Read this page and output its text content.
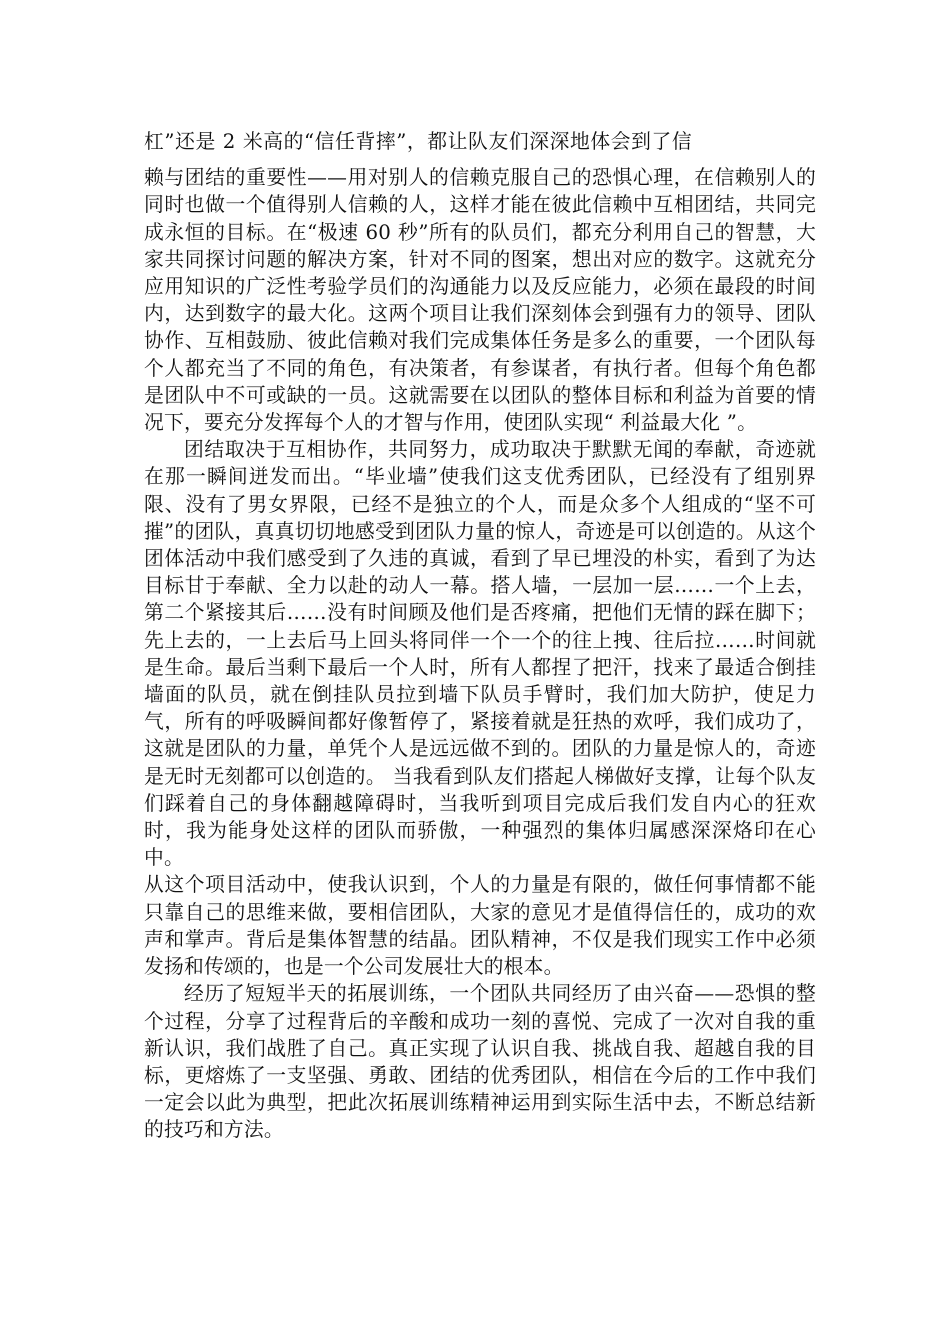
杠”还是 2 米高的“信任背摔”，都让队友们深深地体会到了信

赖与团结的重要性——用对别人的信赖克服自己的恐惧心理，在信赖别人的同时也做一个值得别人信赖的人，这样才能在彼此信赖中互相团结，共同完成永恒的目标。在“极速 60 秒”所有的队员们，都充分利用自己的智慧，大家共同探讨问题的解决方案，针对不同的图案，想出对应的数字。这就充分应用知识的广泛性考验学员们的沟通能力以及反应能力，必须在最段的时间内，达到数字的最大化。这两个项目让我们深刻体会到强有力的领导、团队协作、互相鼓励、彼此信赖对我们完成集体任务是多么的重要，一个团队每个人都充当了不同的角色，有决策者，有参谋者，有执行者。但每个角色都是团队中不可或缺的一员。这就需要在以团队的整体目标和利益为首要的情况下，要充分发挥每个人的才智与作用，使团队实现“ 利益最大化 ”。

团结取决于互相协作，共同努力，成功取决于默默无闻的奉献，奇迹就在那一瞬间迸发而出。“毕业墙”使我们这支优秀团队，已经没有了组别界限、没有了男女界限，已经不是独立的个人，而是众多个人组成的“坚不可摧”的团队，真真切切地感受到团队力量的惊人，奇迹是可以创造的。从这个团体活动中我们感受到了久违的真诚，看到了早已埋没的朴实，看到了为达目标甘于奉献、全力以赴的动人一幕。搭人墙，一层加一层……一个上去，第二个紧接其后……没有时间顾及他们是否疼痛，把他们无情的踩在脚下；先上去的，一上去后马上回头将同伴一个一个的往上拽、往后拉……时间就是生命。最后当剩下最后一个人时，所有人都捏了把汗，找来了最适合倒挂墙面的队员，就在倒挂队员拉到墙下队员手臂时，我们加大防护，使足力气，所有的呼吸瞬间都好像暂停了，紧接着就是狂热的欢呼，我们成功了，这就是团队的力量，单凭个人是远远做不到的。团队的力量是惊人的，奇迹是无时无刻都可以创造的。 当我看到队友们搭起人梯做好支撑，让每个队友们踩着自己的身体翻越障碍时，当我听到项目完成后我们发自内心的狂欢时，我为能身处这样的团队而骄傲，一种强烈的集体归属感深深烙印在心中。

从这个项目活动中，使我认识到，个人的力量是有限的，做任何事情都不能只靠自己的思维来做，要相信团队，大家的意见才是值得信任的，成功的欢声和掌声。背后是集体智慧的结晶。团队精神，不仅是我们现实工作中必须发扬和传颂的，也是一个公司发展壮大的根本。

经历了短短半天的拓展训练，一个团队共同经历了由兴奋——恐惧的整个过程，分享了过程背后的辛酸和成功一刻的喜悦、完成了一次对自我的重新认识，我们战胜了自己。真正实现了认识自我、挑战自我、超越自我的目标，更熔炼了一支坚强、勇敢、团结的优秀团队，相信在今后的工作中我们一定会以此为典型，把此次拓展训练精神运用到实际生活中去，不断总结新的技巧和方法。
